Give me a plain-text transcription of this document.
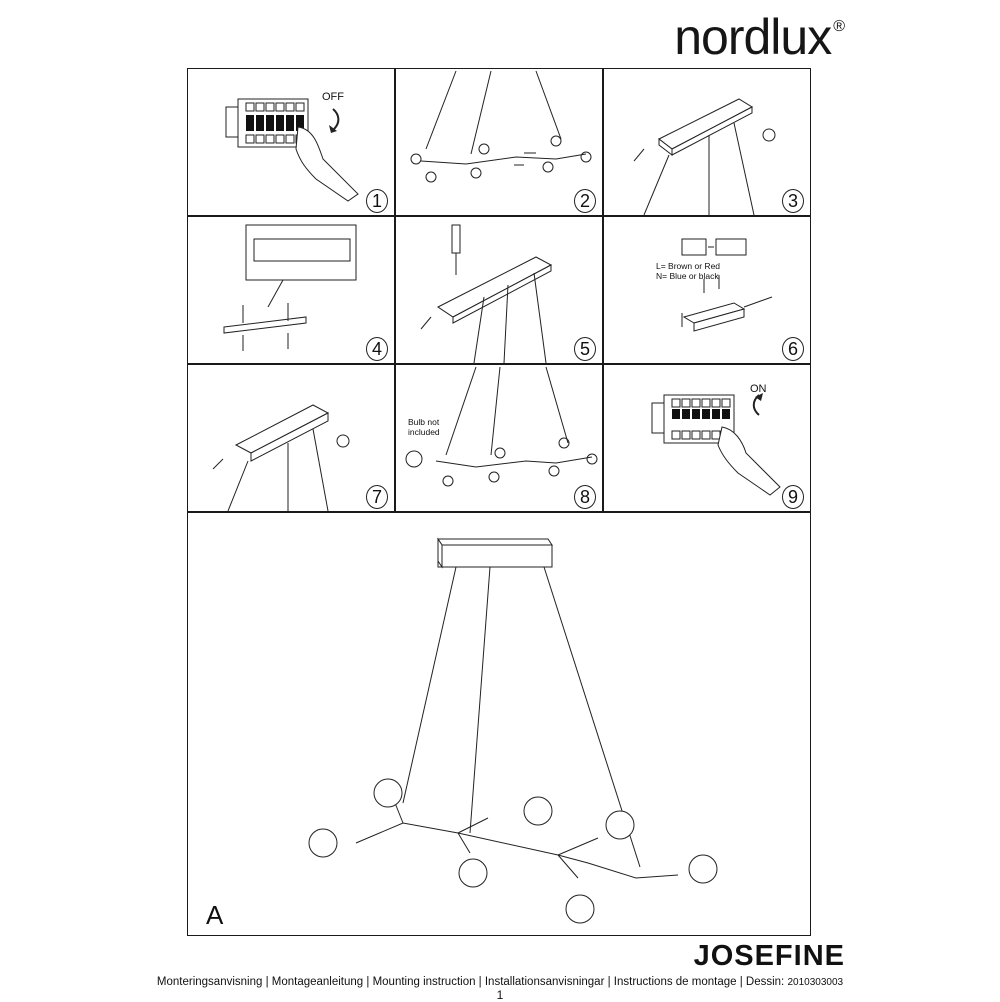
nordlux ®
OFF
1	2	3
4	5
L= Brown or Red
N= Blue or black
6
7
Bulb not
included
8
ON
9
A
JOSEFINE
Monteringsanvisning | Montageanleitung | Mounting instruction | Installationsanvisningar | Instructions de montage | Dessin: 2010303003
1
